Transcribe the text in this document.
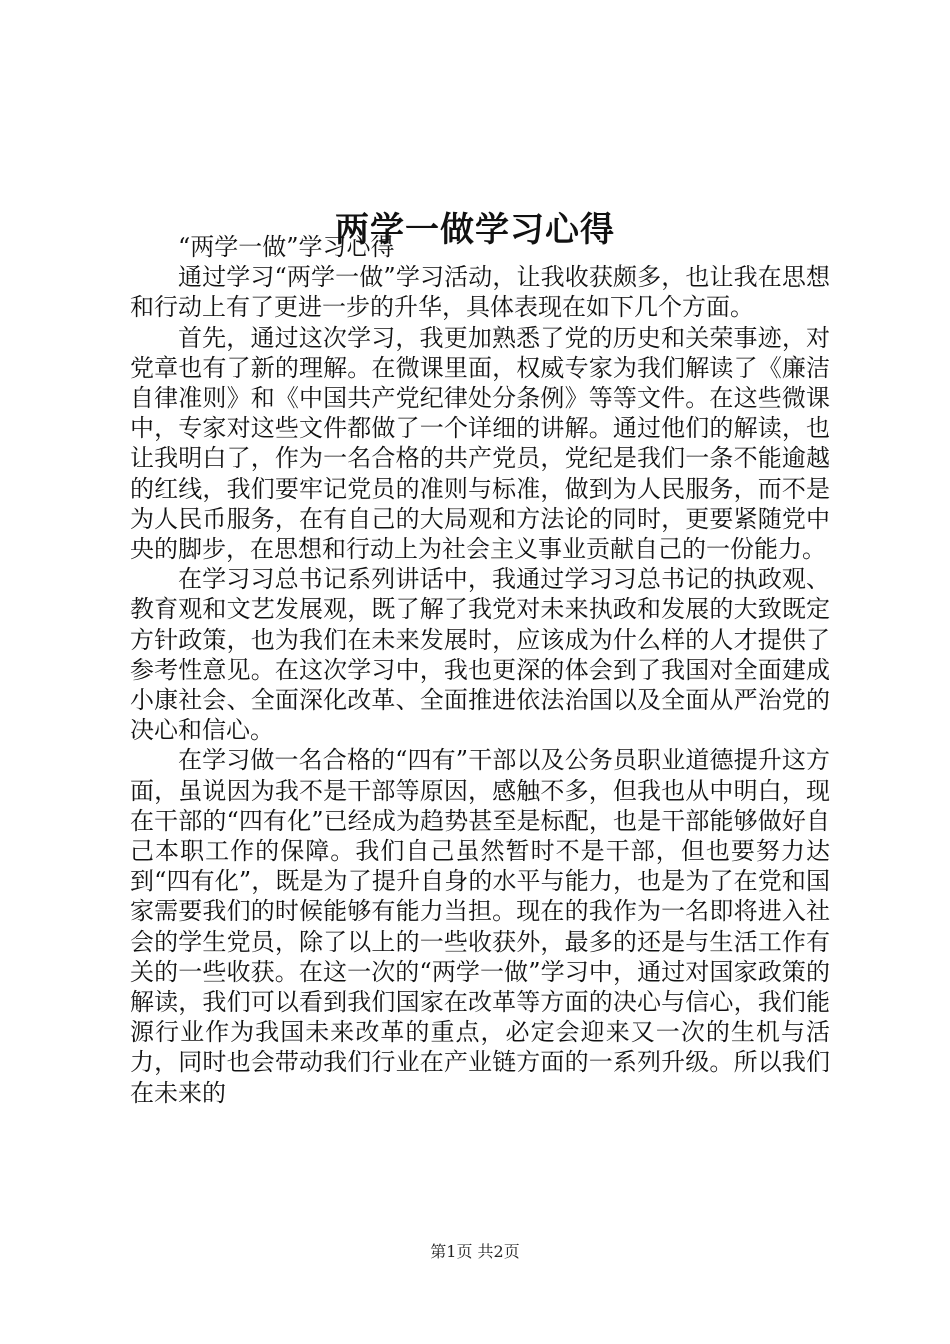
两学一做学习心得

“两学一做”学习心得

通过学习“两学一做”学习活动，让我收获颇多，也让我在思想和行动上有了更进一步的升华，具体表现在如下几个方面。

首先，通过这次学习，我更加熟悉了党的历史和关荣事迹，对党章也有了新的理解。在微课里面，权威专家为我们解读了《廉洁自律准则》和《中国共产党纪律处分条例》等等文件。在这些微课中，专家对这些文件都做了一个详细的讲解。通过他们的解读，也让我明白了，作为一名合格的共产党员，党纪是我们一条不能逾越的红线，我们要牢记党员的准则与标准，做到为人民服务，而不是为人民币服务，在有自己的大局观和方法论的同时，更要紧随党中央的脚步，在思想和行动上为社会主义事业贡献自己的一份能力。

在学习习总书记系列讲话中，我通过学习习总书记的执政观、教育观和文艺发展观，既了解了我党对未来执政和发展的大致既定方针政策，也为我们在未来发展时，应该成为什么样的人才提供了参考性意见。在这次学习中，我也更深的体会到了我国对全面建成小康社会、全面深化改革、全面推进依法治国以及全面从严治党的决心和信心。

在学习做一名合格的“四有”干部以及公务员职业道德提升这方面，虽说因为我不是干部等原因，感触不多，但我也从中明白，现在干部的“四有化”已经成为趋势甚至是标配，也是干部能够做好自己本职工作的保障。我们自己虽然暂时不是干部，但也要努力达到“四有化”，既是为了提升自身的水平与能力，也是为了在党和国家需要我们的时候能够有能力当担。现在的我作为一名即将进入社会的学生党员，除了以上的一些收获外，最多的还是与生活工作有关的一些收获。在这一次的“两学一做”学习中，通过对国家政策的解读，我们可以看到我们国家在改革等方面的决心与信心，我们能源行业作为我国未来改革的重点，必定会迎来又一次的生机与活力，同时也会带动我们行业在产业链方面的一系列升级。所以我们在未来的

第1页 共2页
